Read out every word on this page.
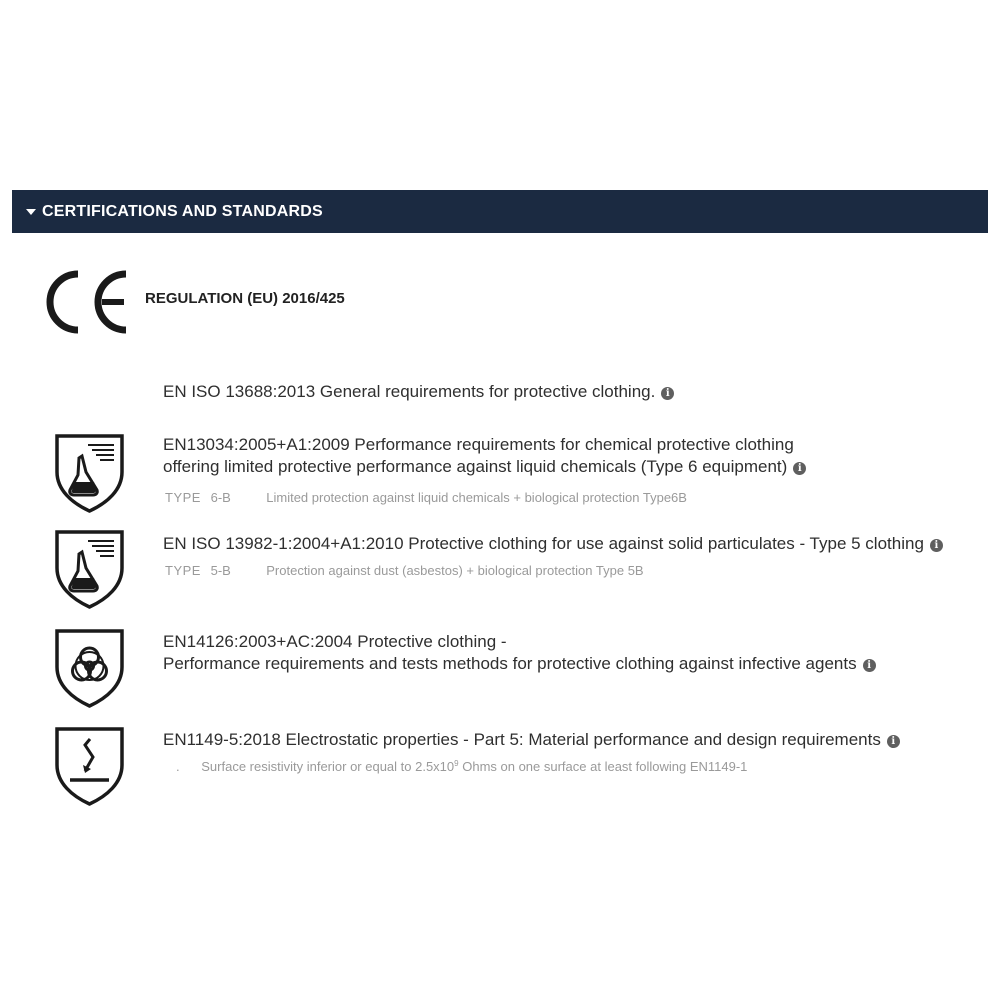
CERTIFICATIONS AND STANDARDS
REGULATION (EU) 2016/425
EN ISO 13688:2013 General requirements for protective clothing. i
EN13034:2005+A1:2009 Performance requirements for chemical protective clothing
offering limited protective performance against liquid chemicals (Type 6 equipment) i
TYPE 6-B	Limited protection against liquid chemicals + biological protection Type6B
EN ISO 13982-1:2004+A1:2010 Protective clothing for use against solid particulates - Type 5 clothing i
TYPE 5-B	Protection against dust (asbestos) + biological protection Type 5B
EN14126:2003+AC:2004 Protective clothing -
Performance requirements and tests methods for protective clothing against infective agents i
EN1149-5:2018 Electrostatic properties - Part 5: Material performance and design requirements i
. Surface resistivity inferior or equal to $2.5x10^9$ Ohms on one surface at least following EN1149-1
